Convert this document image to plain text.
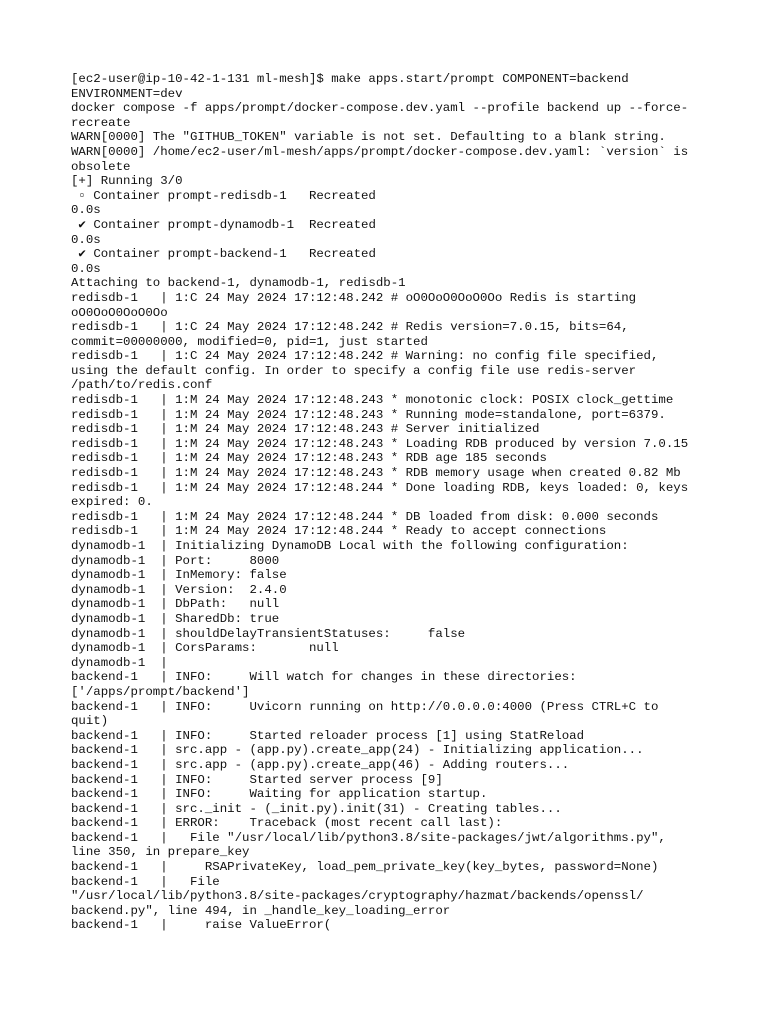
[ec2-user@ip-10-42-1-131 ml-mesh]$ make apps.start/prompt COMPONENT=backend
ENVIRONMENT=dev
docker compose -f apps/prompt/docker-compose.dev.yaml --profile backend up --force-
recreate
WARN[0000] The "GITHUB_TOKEN" variable is not set. Defaulting to a blank string.
WARN[0000] /home/ec2-user/ml-mesh/apps/prompt/docker-compose.dev.yaml: `version` is
obsolete
[+] Running 3/0
▫ Container prompt-redisdb-1   Recreated
0.0s
✔ Container prompt-dynamodb-1  Recreated
0.0s
✔ Container prompt-backend-1   Recreated
0.0s
Attaching to backend-1, dynamodb-1, redisdb-1
redisdb-1   | 1:C 24 May 2024 17:12:48.242 # oO0OoO0OoO0Oo Redis is starting
oO0OoO0OoO0Oo
redisdb-1   | 1:C 24 May 2024 17:12:48.242 # Redis version=7.0.15, bits=64,
commit=00000000, modified=0, pid=1, just started
redisdb-1   | 1:C 24 May 2024 17:12:48.242 # Warning: no config file specified,
using the default config. In order to specify a config file use redis-server
/path/to/redis.conf
redisdb-1   | 1:M 24 May 2024 17:12:48.243 * monotonic clock: POSIX clock_gettime
redisdb-1   | 1:M 24 May 2024 17:12:48.243 * Running mode=standalone, port=6379.
redisdb-1   | 1:M 24 May 2024 17:12:48.243 # Server initialized
redisdb-1   | 1:M 24 May 2024 17:12:48.243 * Loading RDB produced by version 7.0.15
redisdb-1   | 1:M 24 May 2024 17:12:48.243 * RDB age 185 seconds
redisdb-1   | 1:M 24 May 2024 17:12:48.243 * RDB memory usage when created 0.82 Mb
redisdb-1   | 1:M 24 May 2024 17:12:48.244 * Done loading RDB, keys loaded: 0, keys
expired: 0.
redisdb-1   | 1:M 24 May 2024 17:12:48.244 * DB loaded from disk: 0.000 seconds
redisdb-1   | 1:M 24 May 2024 17:12:48.244 * Ready to accept connections
dynamodb-1  | Initializing DynamoDB Local with the following configuration:
dynamodb-1  | Port:     8000
dynamodb-1  | InMemory: false
dynamodb-1  | Version:  2.4.0
dynamodb-1  | DbPath:   null
dynamodb-1  | SharedDb: true
dynamodb-1  | shouldDelayTransientStatuses:     false
dynamodb-1  | CorsParams:       null
dynamodb-1  |
backend-1   | INFO:     Will watch for changes in these directories:
['/apps/prompt/backend']
backend-1   | INFO:     Uvicorn running on http://0.0.0.0:4000 (Press CTRL+C to
quit)
backend-1   | INFO:     Started reloader process [1] using StatReload
backend-1   | src.app - (app.py).create_app(24) - Initializing application...
backend-1   | src.app - (app.py).create_app(46) - Adding routers...
backend-1   | INFO:     Started server process [9]
backend-1   | INFO:     Waiting for application startup.
backend-1   | src._init - (_init.py).init(31) - Creating tables...
backend-1   | ERROR:    Traceback (most recent call last):
backend-1   |   File "/usr/local/lib/python3.8/site-packages/jwt/algorithms.py",
line 350, in prepare_key
backend-1   |     RSAPrivateKey, load_pem_private_key(key_bytes, password=None)
backend-1   |   File
"/usr/local/lib/python3.8/site-packages/cryptography/hazmat/backends/openssl/
backend.py", line 494, in _handle_key_loading_error
backend-1   |     raise ValueError(
